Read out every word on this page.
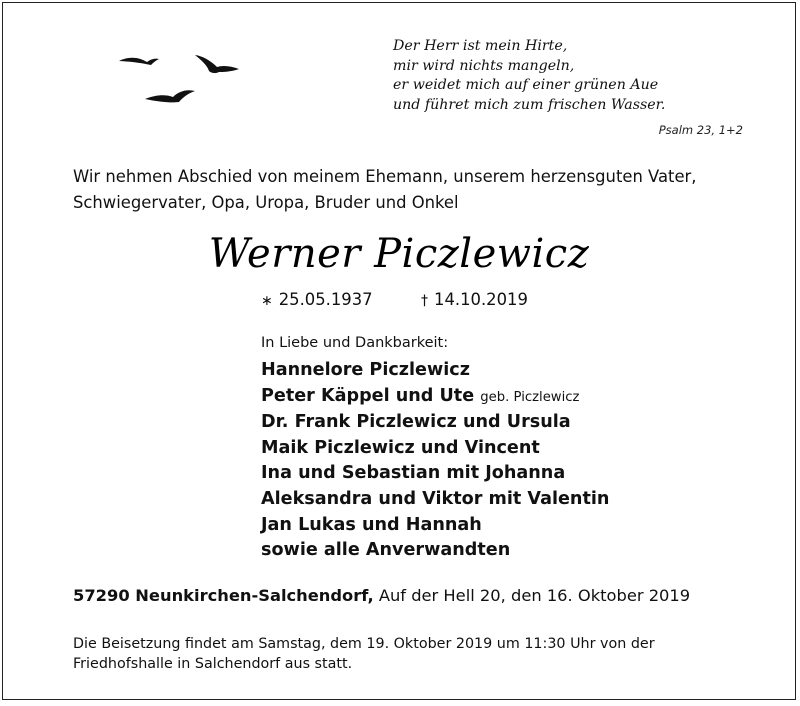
Der Herr ist mein Hirte,
mir wird nichts mangeln,
er weidet mich auf einer grünen Aue
und führet mich zum frischen Wasser.
Psalm 23, 1+2
Wir nehmen Abschied von meinem Ehemann, unserem herzensguten Vater,
Schwiegervater, Opa, Uropa, Bruder und Onkel
Werner Piczlewicz
∗ 25.05.1937	† 14.10.2019
In Liebe und Dankbarkeit:
Hannelore Piczlewicz
Peter Käppel und Ute geb. Piczlewicz
Dr. Frank Piczlewicz und Ursula
Maik Piczlewicz und Vincent
Ina und Sebastian mit Johanna
Aleksandra und Viktor mit Valentin
Jan Lukas und Hannah
sowie alle Anverwandten
57290 Neunkirchen-Salchendorf, Auf der Hell 20, den 16. Oktober 2019
Die Beisetzung findet am Samstag, dem 19. Oktober 2019 um 11:30 Uhr von der
Friedhofshalle in Salchendorf aus statt.
